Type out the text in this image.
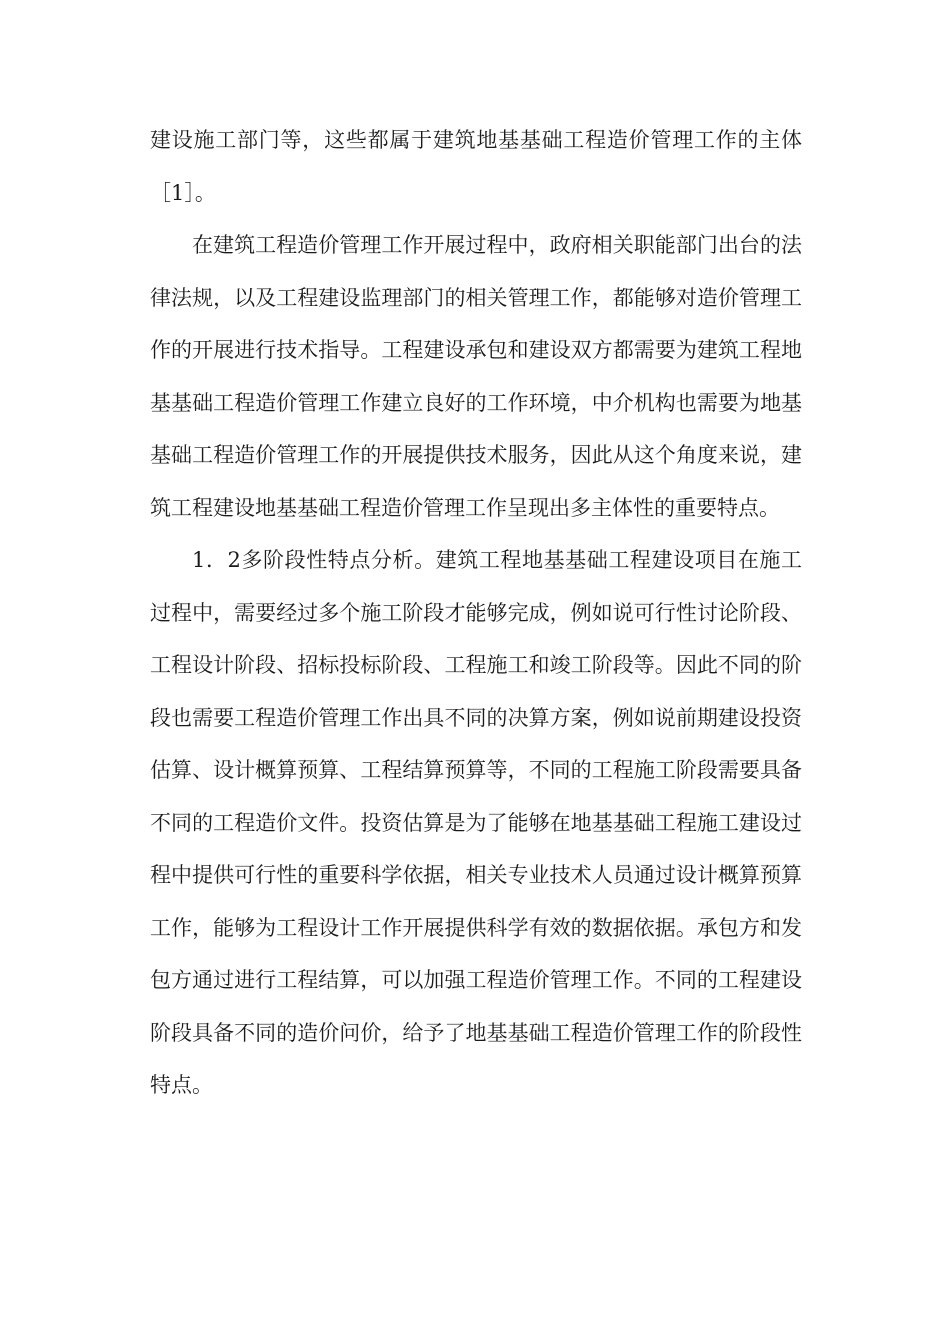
建设施工部门等，这些都属于建筑地基基础工程造价管理工作的主体［1］。

在建筑工程造价管理工作开展过程中，政府相关职能部门出台的法律法规，以及工程建设监理部门的相关管理工作，都能够对造价管理工作的开展进行技术指导。工程建设承包和建设双方都需要为建筑工程地基基础工程造价管理工作建立良好的工作环境，中介机构也需要为地基基础工程造价管理工作的开展提供技术服务，因此从这个角度来说，建筑工程建设地基基础工程造价管理工作呈现出多主体性的重要特点。

1．2多阶段性特点分析。建筑工程地基基础工程建设项目在施工过程中，需要经过多个施工阶段才能够完成，例如说可行性讨论阶段、工程设计阶段、招标投标阶段、工程施工和竣工阶段等。因此不同的阶段也需要工程造价管理工作出具不同的决算方案，例如说前期建设投资估算、设计概算预算、工程结算预算等，不同的工程施工阶段需要具备不同的工程造价文件。投资估算是为了能够在地基基础工程施工建设过程中提供可行性的重要科学依据，相关专业技术人员通过设计概算预算工作，能够为工程设计工作开展提供科学有效的数据依据。承包方和发包方通过进行工程结算，可以加强工程造价管理工作。不同的工程建设阶段具备不同的造价问价，给予了地基基础工程造价管理工作的阶段性特点。
